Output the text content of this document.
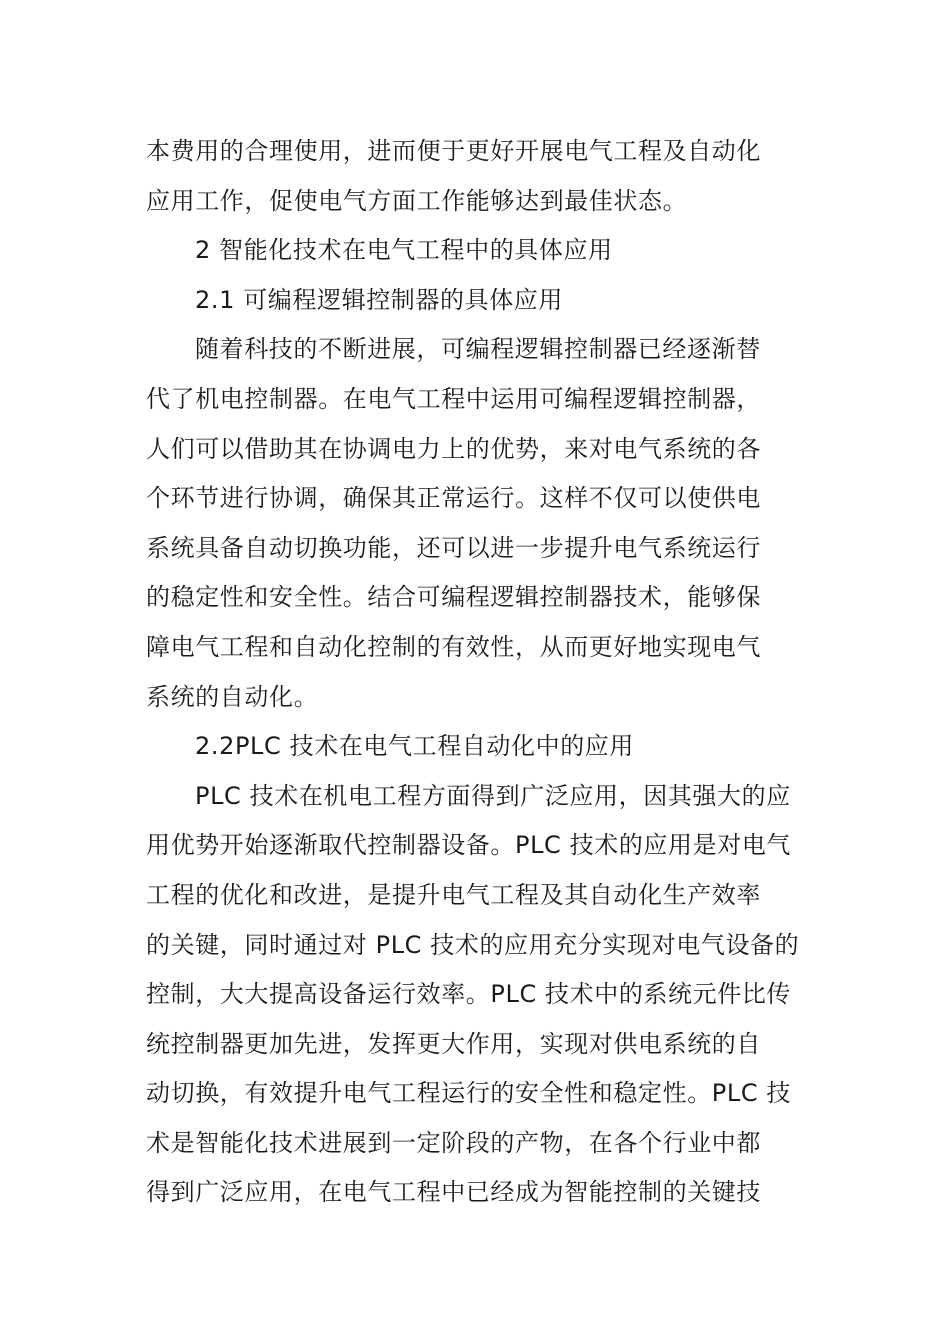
本费用的合理使用，进而便于更好开展电气工程及自动化
应用工作，促使电气方面工作能够达到最佳状态。
2 智能化技术在电气工程中的具体应用
2.1 可编程逻辑控制器的具体应用
随着科技的不断进展，可编程逻辑控制器已经逐渐替
代了机电控制器。在电气工程中运用可编程逻辑控制器，
人们可以借助其在协调电力上的优势，来对电气系统的各
个环节进行协调，确保其正常运行。这样不仅可以使供电
系统具备自动切换功能，还可以进一步提升电气系统运行
的稳定性和安全性。结合可编程逻辑控制器技术，能够保
障电气工程和自动化控制的有效性，从而更好地实现电气
系统的自动化。
2.2PLC 技术在电气工程自动化中的应用
PLC 技术在机电工程方面得到广泛应用，因其强大的应
用优势开始逐渐取代控制器设备。PLC 技术的应用是对电气
工程的优化和改进，是提升电气工程及其自动化生产效率
的关键，同时通过对 PLC 技术的应用充分实现对电气设备的
控制，大大提高设备运行效率。PLC 技术中的系统元件比传
统控制器更加先进，发挥更大作用，实现对供电系统的自
动切换，有效提升电气工程运行的安全性和稳定性。PLC 技
术是智能化技术进展到一定阶段的产物，在各个行业中都
得到广泛应用，在电气工程中已经成为智能控制的关键技
